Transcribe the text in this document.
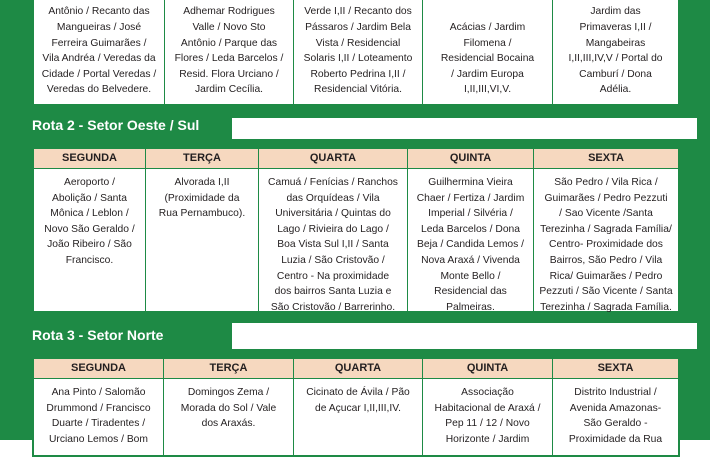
Antônio / Recanto das
Mangueiras / José
Ferreira Guimarães /
Vila Andréa / Veredas da
Cidade / Portal Veredas /
Veredas do Belvedere.

Adhemar Rodrigues
Valle / Novo Sto
Antônio / Parque das
Flores / Leda Barcelos /
Resid. Flora Urciano /
Jardim Cecília.
Verde I,II / Recanto dos
Pássaros / Jardim Bela
Vista / Residencial
Solaris I,II / Loteamento
Roberto Pedrina I,II /
Residencial Vitória.
Acácias / Jardim
Filomena /
Residencial Bocaina
/ Jardim Europa
I,II,III,VI,V.
Jardim das
Primaveras I,II /
Mangabeiras
I,II,III,IV,V / Portal do
Camburí / Dona
Adélia.
Rota 2 - Setor Oeste / Sul
SEGUNDA
Aeroporto /
Abolição / Santa
Mônica / Leblon /
Novo São Geraldo /
João Ribeiro / São
Francisco.
TERÇA
Alvorada I,II
(Proximidade da
Rua Pernambuco).
QUARTA
Camuá / Fenícias / Ranchos
das Orquídeas / Vila
Universitária / Quintas do
Lago / Rivieira do Lago /
Boa Vista Sul I,II / Santa
Luzia / São Cristovão /
Centro - Na proximidade
dos bairros Santa Luzia e
São Cristovão / Barrerinho.
QUINTA
Guilhermina Vieira
Chaer / Fertiza / Jardim
Imperial / Silvéria /
Leda Barcelos / Dona
Beja / Candida Lemos /
Nova Araxá / Vivenda
Monte Bello /
Residencial das
Palmeiras.
SEXTA
São Pedro / Vila Rica /
Guimarães / Pedro Pezzuti
/ Sao Vicente /Santa
Terezinha / Sagrada Família/
Centro- Proximidade dos
Bairros, São Pedro / Vila
Rica/ Guimarães / Pedro
Pezzuti / São Vicente / Santa
Terezinha / Sagrada Família.
Rota 3 - Setor Norte
SEGUNDA
Ana Pinto / Salomão
Drummond / Francisco
Duarte / Tiradentes /
Urciano Lemos / Bom
TERÇA
Domingos Zema /
Morada do Sol / Vale
dos Araxás.
QUARTA
Cicinato de Ávila / Pão
de Açucar I,II,III,IV.
QUINTA
Associação
Habitacional de Araxá /
Pep 11 / 12 / Novo
Horizonte / Jardim
SEXTA
Distrito Industrial /
Avenida Amazonas-
São Geraldo -
Proximidade da Rua
